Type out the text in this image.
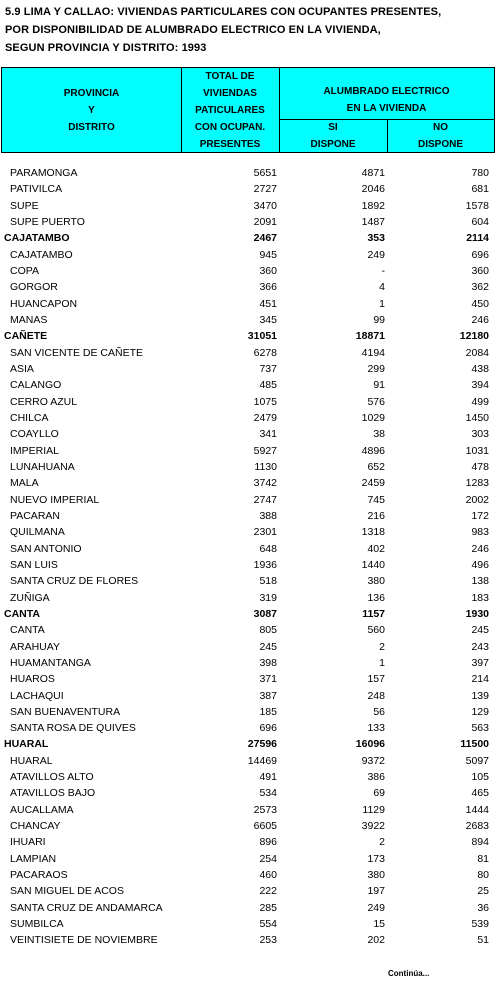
5.9 LIMA Y CALLAO: VIVIENDAS PARTICULARES CON OCUPANTES PRESENTES,
POR DISPONIBILIDAD DE ALUMBRADO ELECTRICO EN LA VIVIENDA,
SEGUN PROVINCIA Y DISTRITO: 1993
PROVINCIA
Y
DISTRITO
TOTAL DE
VIVIENDAS
PATICULARES
CON OCUPAN.
PRESENTES
ALUMBRADO ELECTRICO
EN LA VIVIENDA
SI
DISPONE
NO
DISPONE
PARAMONGA	5651	4871	780
PATIVILCA	2727	2046	681
SUPE	3470	1892	1578
SUPE PUERTO	2091	1487	604
CAJATAMBO	2467	353	2114
CAJATAMBO	945	249	696
COPA	360	-	360
GORGOR	366	4	362
HUANCAPON	451	1	450
MANAS	345	99	246
CAÑETE	31051	18871	12180
SAN VICENTE DE CAÑETE	6278	4194	2084
ASIA	737	299	438
CALANGO	485	91	394
CERRO AZUL	1075	576	499
CHILCA	2479	1029	1450
COAYLLO	341	38	303
IMPERIAL	5927	4896	1031
LUNAHUANA	1130	652	478
MALA	3742	2459	1283
NUEVO IMPERIAL	2747	745	2002
PACARAN	388	216	172
QUILMANA	2301	1318	983
SAN ANTONIO	648	402	246
SAN LUIS	1936	1440	496
SANTA CRUZ DE FLORES	518	380	138
ZUÑIGA	319	136	183
CANTA	3087	1157	1930
CANTA	805	560	245
ARAHUAY	245	2	243
HUAMANTANGA	398	1	397
HUAROS	371	157	214
LACHAQUI	387	248	139
SAN BUENAVENTURA	185	56	129
SANTA ROSA DE QUIVES	696	133	563
HUARAL	27596	16096	11500
HUARAL	14469	9372	5097
ATAVILLOS ALTO	491	386	105
ATAVILLOS BAJO	534	69	465
AUCALLAMA	2573	1129	1444
CHANCAY	6605	3922	2683
IHUARI	896	2	894
LAMPIAN	254	173	81
PACARAOS	460	380	80
SAN MIGUEL DE ACOS	222	197	25
SANTA CRUZ DE ANDAMARCA	285	249	36
SUMBILCA	554	15	539
VEINTISIETE DE NOVIEMBRE	253	202	51
Continúa...
